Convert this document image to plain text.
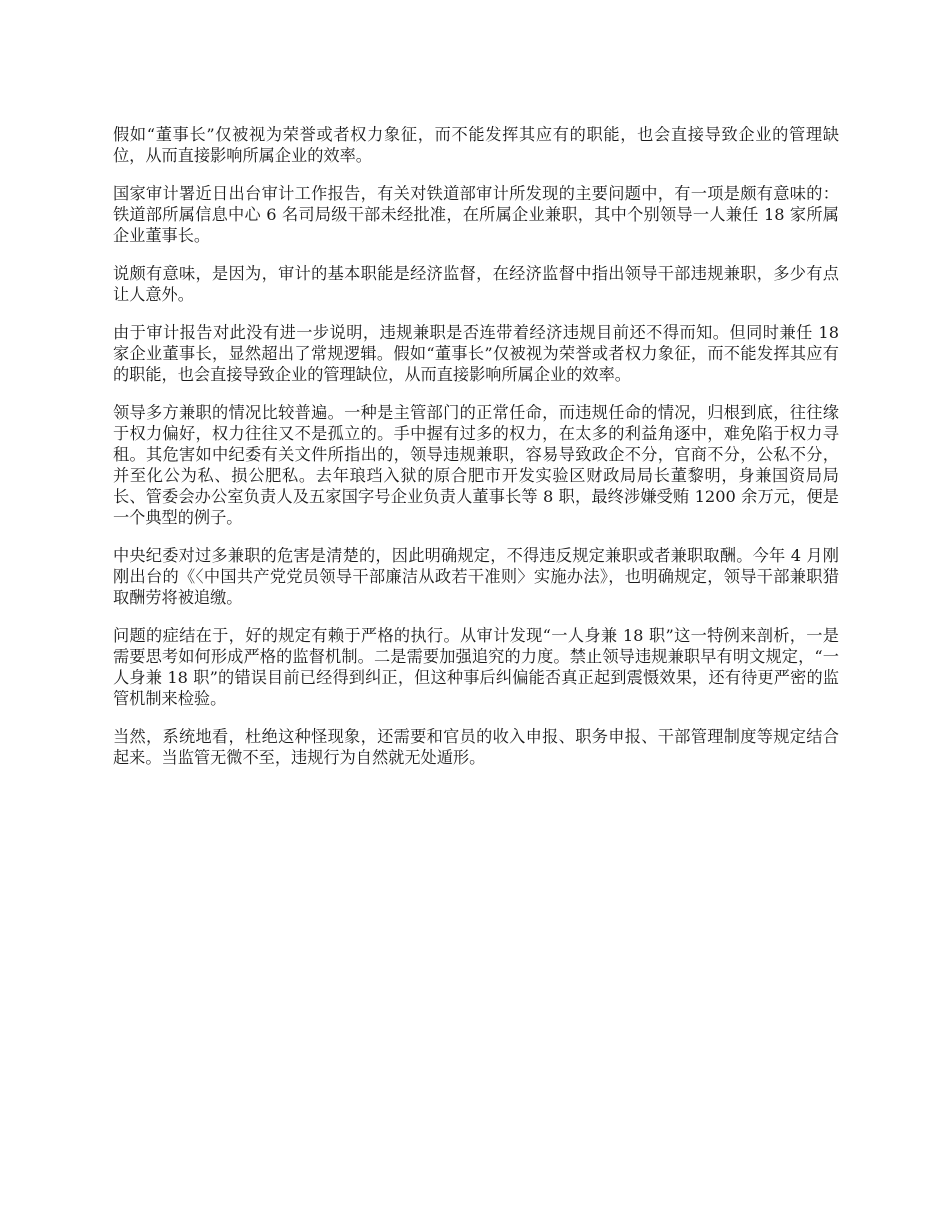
假如“董事长”仅被视为荣誉或者权力象征，而不能发挥其应有的职能，也会直接导致企业的管理缺位，从而直接影响所属企业的效率。

国家审计署近日出台审计工作报告，有关对铁道部审计所发现的主要问题中，有一项是颇有意味的：铁道部所属信息中心 6 名司局级干部未经批准，在所属企业兼职，其中个别领导一人兼任 18 家所属企业董事长。

说颇有意味，是因为，审计的基本职能是经济监督，在经济监督中指出领导干部违规兼职，多少有点让人意外。

由于审计报告对此没有进一步说明，违规兼职是否连带着经济违规目前还不得而知。但同时兼任 18 家企业董事长，显然超出了常规逻辑。假如“董事长”仅被视为荣誉或者权力象征，而不能发挥其应有的职能，也会直接导致企业的管理缺位，从而直接影响所属企业的效率。

领导多方兼职的情况比较普遍。一种是主管部门的正常任命，而违规任命的情况，归根到底，往往缘于权力偏好，权力往往又不是孤立的。手中握有过多的权力，在太多的利益角逐中，难免陷于权力寻租。其危害如中纪委有关文件所指出的，领导违规兼职，容易导致政企不分，官商不分，公私不分，并至化公为私、损公肥私。去年琅珰入狱的原合肥市开发实验区财政局局长董黎明，身兼国资局局长、管委会办公室负责人及五家国字号企业负责人董事长等 8 职，最终涉嫌受贿 1200 余万元，便是一个典型的例子。

中央纪委对过多兼职的危害是清楚的，因此明确规定，不得违反规定兼职或者兼职取酬。今年 4 月刚刚出台的《〈中国共产党党员领导干部廉洁从政若干准则〉实施办法》，也明确规定，领导干部兼职猎取酬劳将被追缴。

问题的症结在于，好的规定有赖于严格的执行。从审计发现“一人身兼 18 职”这一特例来剖析，一是需要思考如何形成严格的监督机制。二是需要加强追究的力度。禁止领导违规兼职早有明文规定，“一人身兼 18 职”的错误目前已经得到纠正，但这种事后纠偏能否真正起到震慑效果，还有待更严密的监管机制来检验。

当然，系统地看，杜绝这种怪现象，还需要和官员的收入申报、职务申报、干部管理制度等规定结合起来。当监管无微不至，违规行为自然就无处遁形。
